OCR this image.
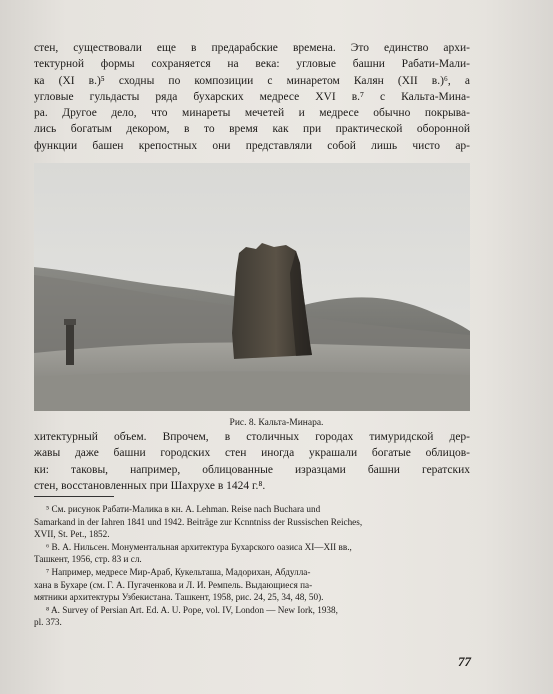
стен, существовали еще в предарабские времена. Это единство архи-
тектурной формы сохраняется на века: угловые башни Рабати-Мали-
ка (XI в.)⁵ сходны по композиции с минаретом Калян (XII в.)⁶, а
угловые гульдасты ряда бухарских медресе XVI в.⁷ с Кальта-Мина-
ра. Другое дело, что минареты мечетей и медресе обычно покрыва-
лись богатым декором, в то время как при практической оборонной
функции башен крепостных они представляли собой лишь чисто ар-

Рис. 8. Кальта-Минара.

хитектурный объем. Впрочем, в столичных городах тимуридской дер-
жавы даже башни городских стен иногда украшали богатые облицов-
ки: таковы, например, облицованные изразцами башни гератских
стен, восстановленных при Шахрухе в 1424 г.⁸.

⁵ См. рисунок Рабати-Малика в кн. A. Lehman. Reise nach Buchara und
Samarkand in der Iahren 1841 und 1942. Beiträge zur Kcnntniss der Russischen Reiches,
XVII, St. Pet., 1852.
⁶ В. А. Нильсен. Монументальная архитектура Бухарского оазиса XI—XII вв.,
Ташкент, 1956, стр. 83 и сл.
⁷ Например, медресе Мир-Араб, Кукельташа, Мадорихан, Абдулла-
хана в Бухаре (см. Г. А. Пугаченкова и Л. И. Ремпель. Выдающиеся па-
мятники архитектуры Узбекистана. Ташкент, 1958, рис. 24, 25, 34, 48, 50).
⁸ A. Survey of Persian Art. Ed. A. U. Pope, vol. IV, London — New Iork, 1938,
pl. 373.
77
